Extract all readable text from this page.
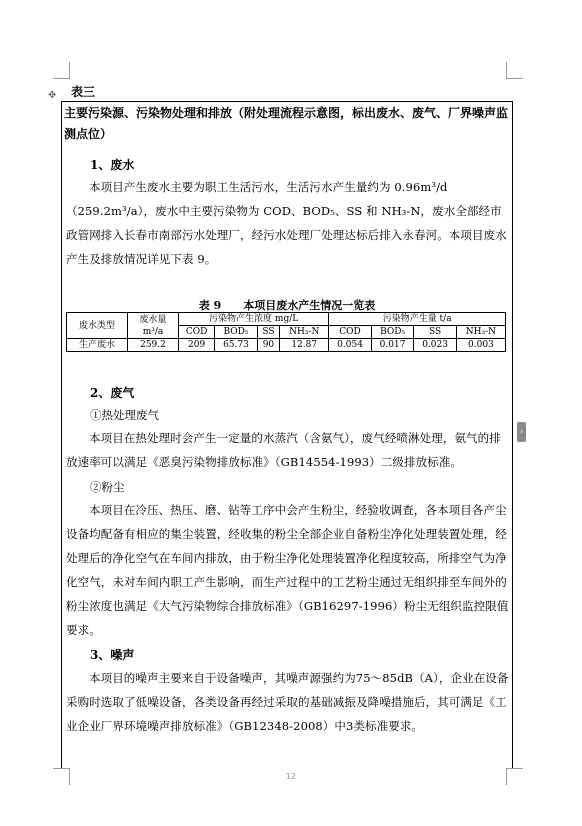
表三
✥
›
主要污染源、污染物处理和排放（附处理流程示意图，标出废水、废气、厂界噪声监测点位）
1、废水
本项目产生废水主要为职工生活污水，生活污水产生量约为 0.96m³/d（259.2m³/a），废水中主要污染物为 COD、BOD₅、SS 和 NH₃-N，废水全部经市政管网排入长春市南部污水处理厂，经污水处理厂处理达标后排入永春河。本项目废水产生及排放情况详见下表 9。
表 9　　本项目废水产生情况一览表
废水类型	废水量 m³/a	污染物产生浓度 mg/L				污染物产生量 t/a			
		COD	BOD₅	SS	NH₃-N	COD	BOD₅	SS	NH₃-N
生产废水	259.2	209	65.73	90	12.87	0.054	0.017	0.023	0.003
2、废气
①热处理废气
本项目在热处理时会产生一定量的水蒸汽（含氨气），废气经喷淋处理，氨气的排放速率可以满足《恶臭污染物排放标准》（GB14554-1993）二级排放标准。
②粉尘
本项目在冷压、热压、磨、钻等工序中会产生粉尘，经验收调查，各本项目各产尘设备均配备有相应的集尘装置，经收集的粉尘全部企业自备粉尘净化处理装置处理，经处理后的净化空气在车间内排放，由于粉尘净化处理装置净化程度较高，所排空气为净化空气，未对车间内职工产生影响，而生产过程中的工艺粉尘通过无组织排至车间外的粉尘浓度也满足《大气污染物综合排放标准》（GB16297-1996）粉尘无组织监控限值要求。
3、噪声
本项目的噪声主要来自于设备噪声，其噪声源强约为75～85dB（A），企业在设备采购时选取了低噪设备，各类设备再经过采取的基础减振及降噪措施后，其可满足《工业企业厂界环境噪声排放标准》（GB12348-2008）中3类标准要求。
12
